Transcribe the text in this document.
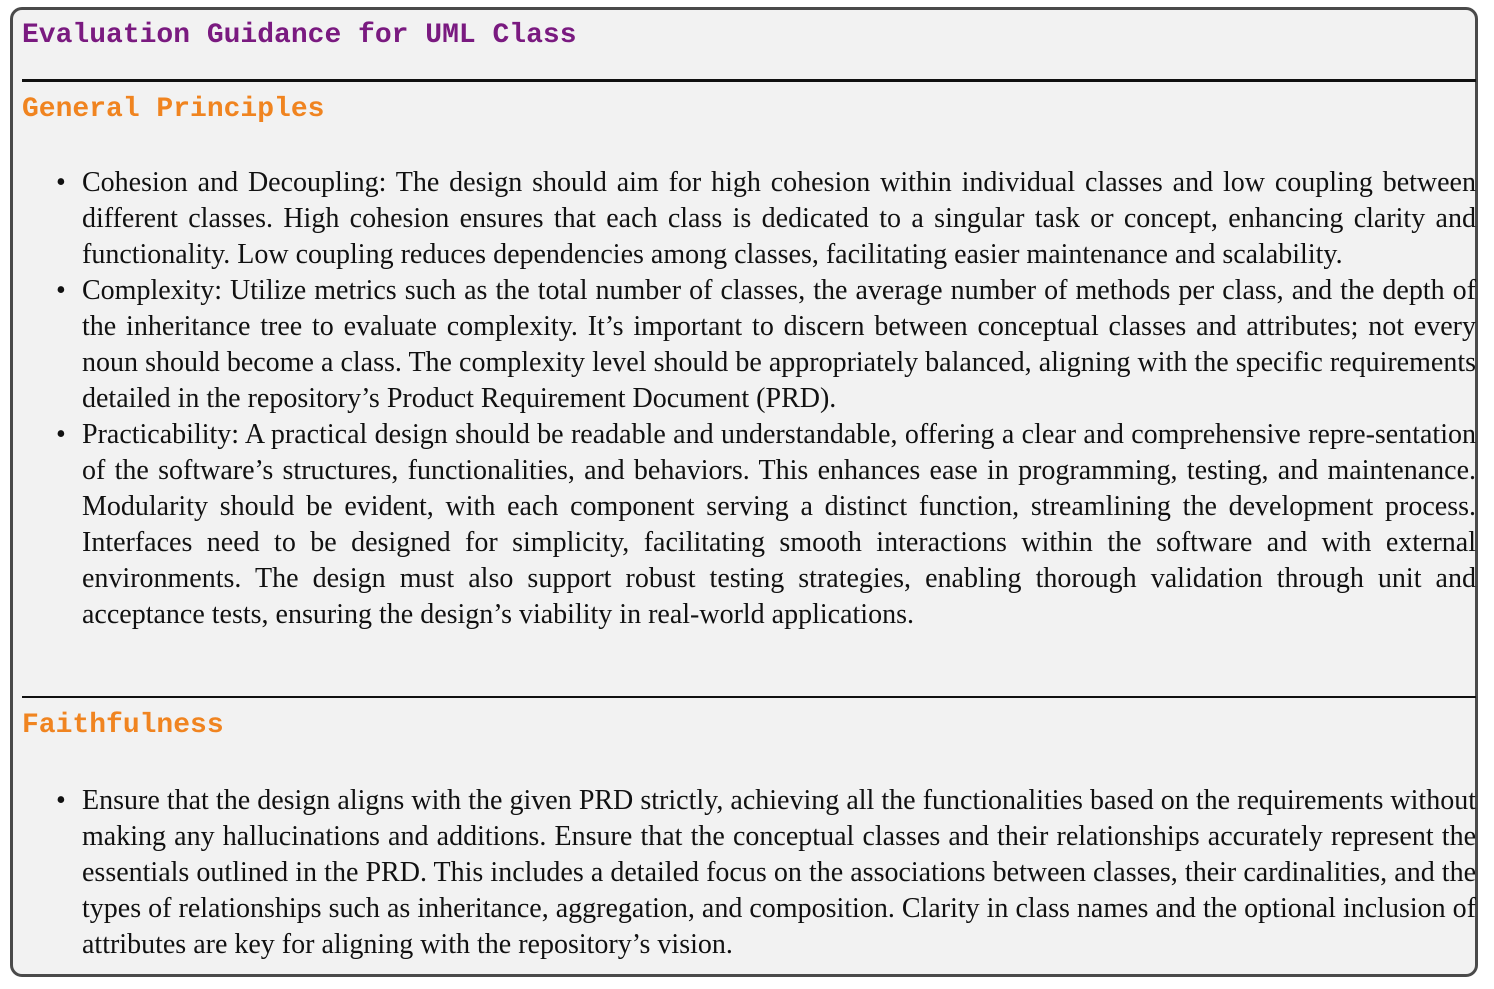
Evaluation Guidance for UML Class
General Principles
• Cohesion and Decoupling: The design should aim for high cohesion within individual classes and low coupling between different classes. High cohesion ensures that each class is dedicated to a singular task or concept, enhancing clarity and functionality. Low coupling reduces dependencies among classes, facilitating easier maintenance and scalability.
• Complexity: Utilize metrics such as the total number of classes, the average number of methods per class, and the depth of the inheritance tree to evaluate complexity. It’s important to discern between conceptual classes and attributes; not every noun should become a class. The complexity level should be appropriately balanced, aligning with the specific requirements detailed in the repository’s Product Requirement Document (PRD).
• Practicability: A practical design should be readable and understandable, offering a clear and comprehensive repre-sentation of the software’s structures, functionalities, and behaviors. This enhances ease in programming, testing, and maintenance. Modularity should be evident, with each component serving a distinct function, streamlining the development process. Interfaces need to be designed for simplicity, facilitating smooth interactions within the software and with external environments. The design must also support robust testing strategies, enabling thorough validation through unit and acceptance tests, ensuring the design’s viability in real-world applications.
Faithfulness
• Ensure that the design aligns with the given PRD strictly, achieving all the functionalities based on the requirements without making any hallucinations and additions. Ensure that the conceptual classes and their relationships accurately represent the essentials outlined in the PRD. This includes a detailed focus on the associations between classes, their cardinalities, and the types of relationships such as inheritance, aggregation, and composition. Clarity in class names and the optional inclusion of attributes are key for aligning with the repository’s vision.
